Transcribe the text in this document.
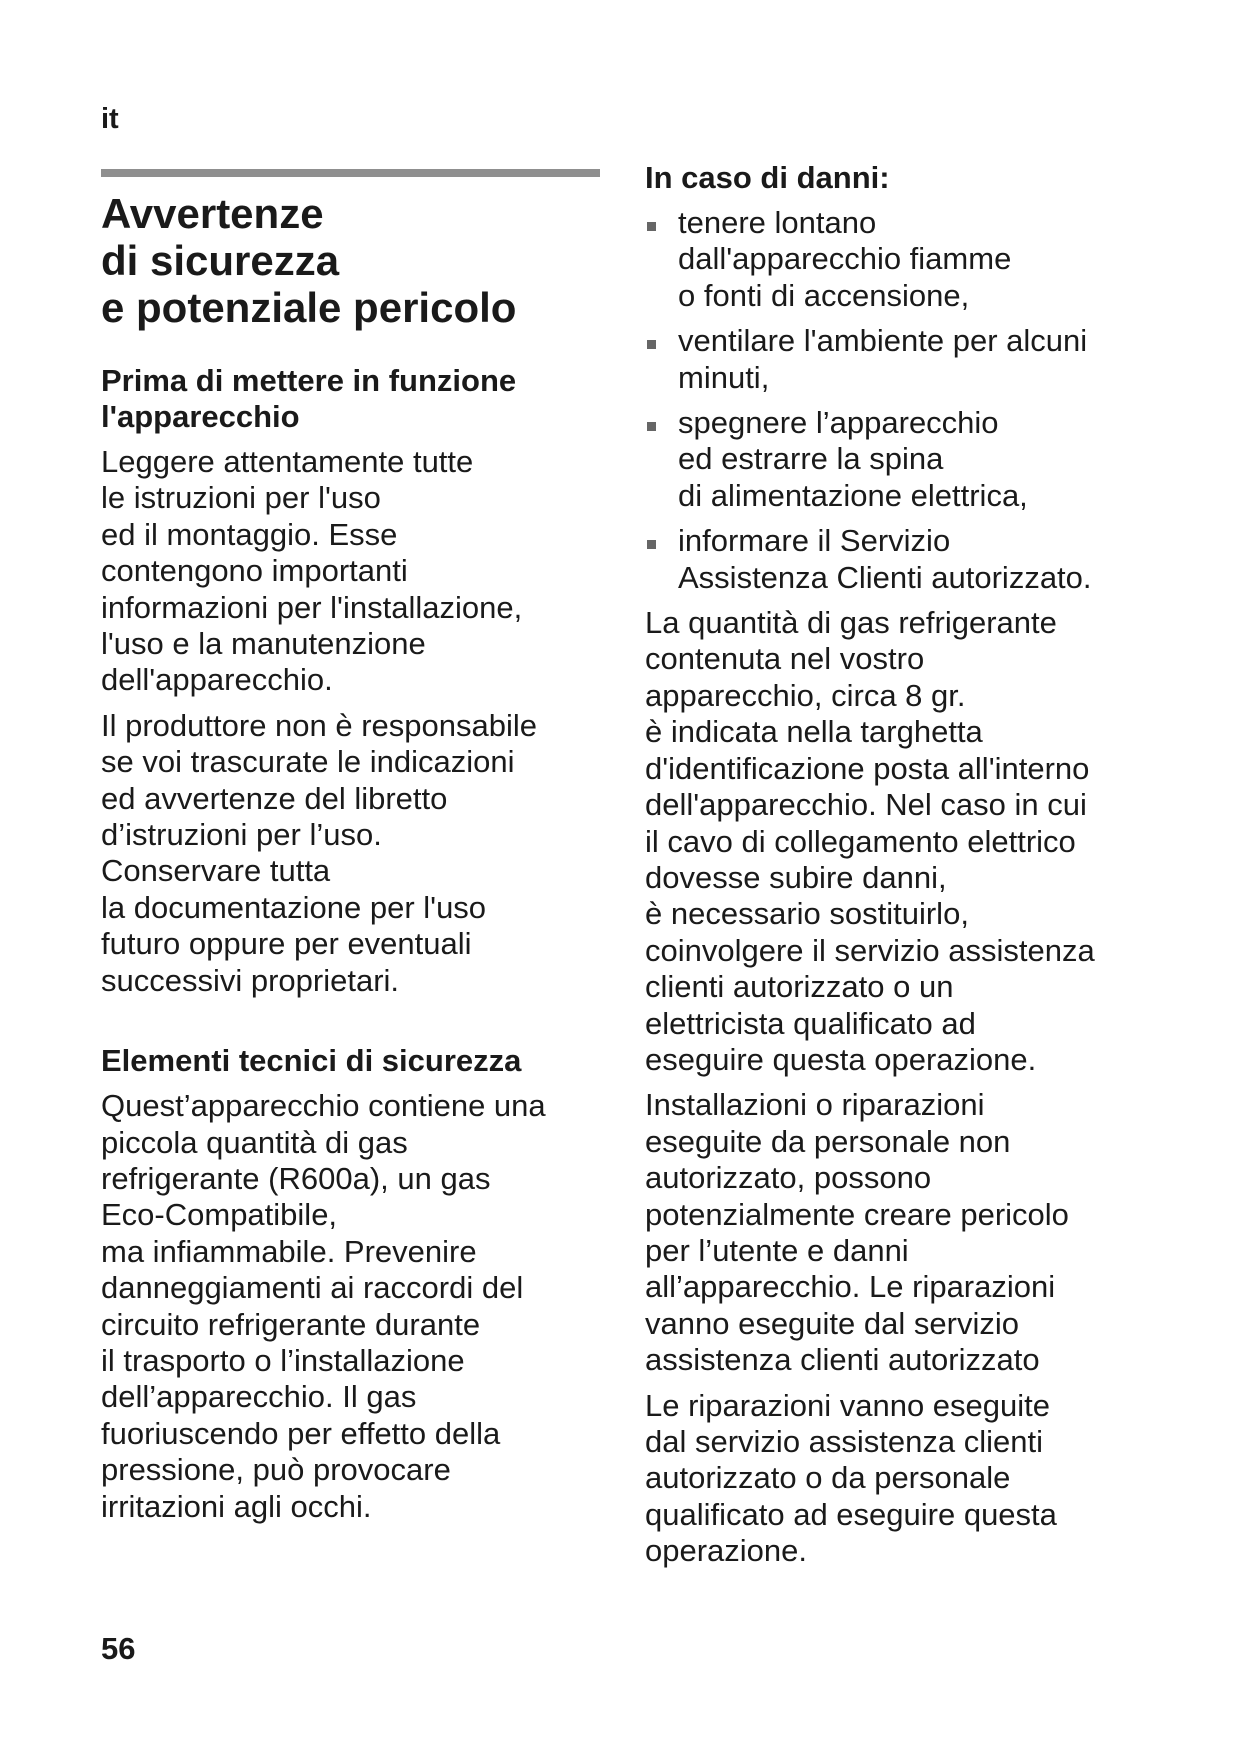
it
Avvertenze
di sicurezza
e potenziale pericolo
Prima di mettere in funzione
l'apparecchio
Leggere attentamente tutte
le istruzioni per l'uso
ed il montaggio. Esse
contengono importanti
informazioni per l'installazione,
l'uso e la manutenzione
dell'apparecchio.
Il produttore non è responsabile
se voi trascurate le indicazioni
ed avvertenze del libretto
d’istruzioni per l’uso.
Conservare tutta
la documentazione per l'uso
futuro oppure per eventuali
successivi proprietari.
Elementi tecnici di sicurezza
Quest’apparecchio contiene una
piccola quantità di gas
refrigerante (R600a), un gas
Eco-Compatibile,
ma infiammabile. Prevenire
danneggiamenti ai raccordi del
circuito refrigerante durante
il trasporto o l’installazione
dell’apparecchio. Il gas
fuoriuscendo per effetto della
pressione, può provocare
irritazioni agli occhi.
In caso di danni:
tenere lontano
dall'apparecchio fiamme
o fonti di accensione,
ventilare l'ambiente per alcuni
minuti,
spegnere l’apparecchio
ed estrarre la spina
di alimentazione elettrica,
informare il Servizio
Assistenza Clienti autorizzato.
La quantità di gas refrigerante
contenuta nel vostro
apparecchio, circa 8 gr.
è indicata nella targhetta
d'identificazione posta all'interno
dell'apparecchio. Nel caso in cui
il cavo di collegamento elettrico
dovesse subire danni,
è necessario sostituirlo,
coinvolgere il servizio assistenza
clienti autorizzato o un
elettricista qualificato ad
eseguire questa operazione.
Installazioni o riparazioni
eseguite da personale non
autorizzato, possono
potenzialmente creare pericolo
per l’utente e danni
all’apparecchio. Le riparazioni
vanno eseguite dal servizio
assistenza clienti autorizzato
Le riparazioni vanno eseguite
dal servizio assistenza clienti
autorizzato o da personale
qualificato ad eseguire questa
operazione.
56
